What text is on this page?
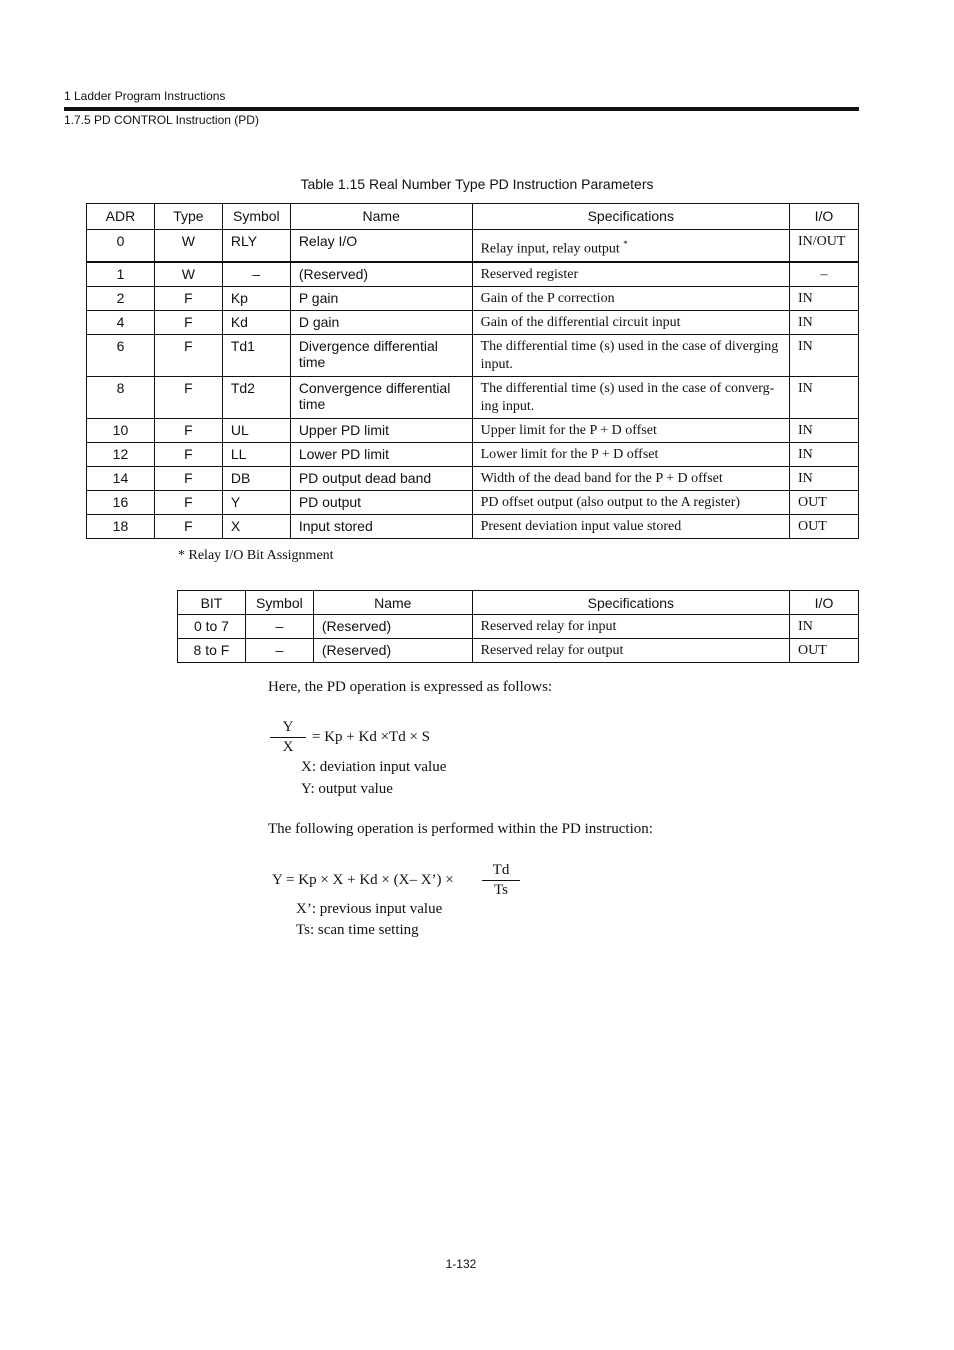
1 Ladder Program Instructions
1.7.5 PD CONTROL Instruction (PD)
Table 1.15 Real Number Type PD Instruction Parameters
ADR	Type	Symbol	Name	Specifications	I/O
0	W	RLY	Relay I/O	Relay input, relay output *	IN/OUT
1	W	–	(Reserved)	Reserved register	–
2	F	Kp	P gain	Gain of the P correction	IN
4	F	Kd	D gain	Gain of the differential circuit input	IN
6	F	Td1	Divergence differential time	The differential time (s) used in the case of diverging input.	IN
8	F	Td2	Convergence differential time	The differential time (s) used in the case of converg-ing input.	IN
10	F	UL	Upper PD limit	Upper limit for the P + D offset	IN
12	F	LL	Lower PD limit	Lower limit for the P + D offset	IN
14	F	DB	PD output dead band	Width of the dead band for the P + D offset	IN
16	F	Y	PD output	PD offset output (also output to the A register)	OUT
18	F	X	Input stored	Present deviation input value stored	OUT
* Relay I/O Bit Assignment
BIT	Symbol	Name	Specifications	I/O
0 to 7	–	(Reserved)	Reserved relay for input	IN
8 to F	–	(Reserved)	Reserved relay for output	OUT
Here, the PD operation is expressed as follows:
Y
X
= Kp + Kd ×Td × S
X: deviation input value
Y: output value
The following operation is performed within the PD instruction:
Y = Kp × X + Kd × (X– X’) ×
Td
Ts
X’: previous input value
Ts: scan time setting
1-132
